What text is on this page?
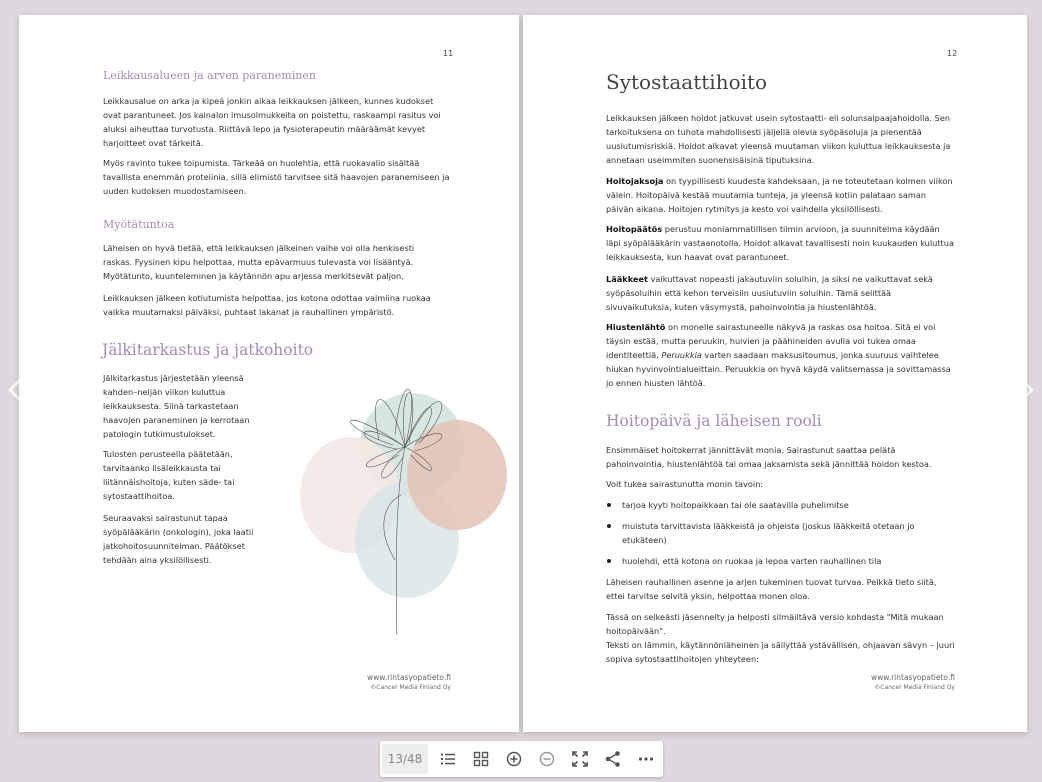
11
Leikkausalueen ja arven paraneminen

Leikkausalue on arka ja kipeä jonkin aikaa leikkauksen jälkeen, kunnes kudokset ovat parantuneet. Jos kainalon imusolmukkeita on poistettu, raskaampi rasitus voi aluksi aiheuttaa turvotusta. Riittävä lepo ja fysioterapeutin määräämät kevyet harjoitteet ovat tärkeitä.

Myös ravinto tukee toipumista. Tärkeää on huolehtia, että ruokavalio sisältää tavallista enemmän proteiinia, sillä elimistö tarvitsee sitä haavojen paranemiseen ja uuden kudoksen muodostamiseen.

Myötätuntoa

Läheisen on hyvä tietää, että leikkauksen jälkeinen vaihe voi olla henkisesti raskas. Fyysinen kipu helpottaa, mutta epävarmuus tulevasta voi lisääntyä. Myötätunto, kuunteleminen ja käytännön apu arjessa merkitsevät paljon.

Leikkauksen jälkeen kotiutumista helpottaa, jos kotona odottaa valmiina ruokaa vaikka muutamaksi päiväksi, puhtaat lakanat ja rauhallinen ympäristö.

Jälkitarkastus ja jatkohoito

Jälkitarkastus järjestetään yleensä kahden–neljän viikon kuluttua leikkauksesta. Siinä tarkastetaan haavojen paraneminen ja kerrotaan patologin tutkimustulokset.

Tulosten perusteella päätetään, tarvitaanko lisäleikkausta tai liitännäishoitoja, kuten säde- tai sytostaattihoitoa.

Seuraavaksi sairastunut tapaa syöpälääkärin (onkologin), joka laatii jatkohoitosuunnitelman. Päätökset tehdään aina yksilöllisesti.

www.rintasyopatieto.fi
©Cancer Media Finland Oy
12
Sytostaattihoito

Leikkauksen jälkeen hoidot jatkuvat usein sytostaatti- eli solunsalpaajahoidolla. Sen tarkoituksena on tuhota mahdollisesti jäljellä olevia syöpäsoluja ja pienentää uusiutumisriskiä. Hoidot alkavat yleensä muutaman viikon kuluttua leikkauksesta ja annetaan useimmiten suonensisäisinä tiputuksina.

Hoitojaksoja on tyypillisesti kuudesta kahdeksaan, ja ne toteutetaan kolmen viikon välein. Hoitopäivä kestää muutamia tunteja, ja yleensä kotiin palataan saman päivän aikana. Hoitojen rytmitys ja kesto voi vaihdella yksilöllisesti.

Hoitopäätös perustuu moniammatillisen tiimin arvioon, ja suunnitelma käydään läpi syöpälääkärin vastaanotolla. Hoidot alkavat tavallisesti noin kuukauden kuluttua leikkauksesta, kun haavat ovat parantuneet.

Lääkkeet vaikuttavat nopeasti jakautuviin soluihin, ja siksi ne vaikuttavat sekä syöpäsoluihin että kehon terveisiin uusiutuviin soluihin. Tämä selittää sivuvaikutuksia, kuten väsymystä, pahoinvointia ja hiustenlähtöä.

Hiustenlähtö on monelle sairastuneelle näkyvä ja raskas osa hoitoa. Sitä ei voi täysin estää, mutta peruukin, huivien ja päähineiden avulla voi tukea omaa identiteettiä. Peruukkia varten saadaan maksusitoumus, jonka suuruus vaihtelee hiukan hyvinvointialueittain. Peruukkia on hyvä käydä valitsemassa ja sovittamassa jo ennen hiusten lähtöä.

Hoitopäivä ja läheisen rooli

Ensimmäiset hoitokerrat jännittävät monia. Sairastunut saattaa pelätä pahoinvointia, hiustenlähtöä tai omaa jaksamista sekä jännittää hoidon kestoa.

Voit tukea sairastunutta monin tavoin:

tarjoa kyyti hoitopaikkaan tai ole saatavilla puhelimitse
muistuta tarvittavista lääkkeistä ja ohjeista (joskus lääkkeitä otetaan jo etukäteen)
huolehdi, että kotona on ruokaa ja lepoa varten rauhallinen tila

Läheisen rauhallinen asenne ja arjen tukeminen tuovat turvaa. Pelkkä tieto siitä, ettei tarvitse selvitä yksin, helpottaa monen oloa.

Tässä on selkeästi jäsennelty ja helposti silmäiltävä versio kohdasta "Mitä mukaan hoitopäivään".

Teksti on lämmin, käytännönläheinen ja säilyttää ystävällisen, ohjaavan sävyn – juuri sopiva sytostaattihoitojen yhteyteen:

www.rintasyopatieto.fi
©Cancer Media Finland Oy
13/48
